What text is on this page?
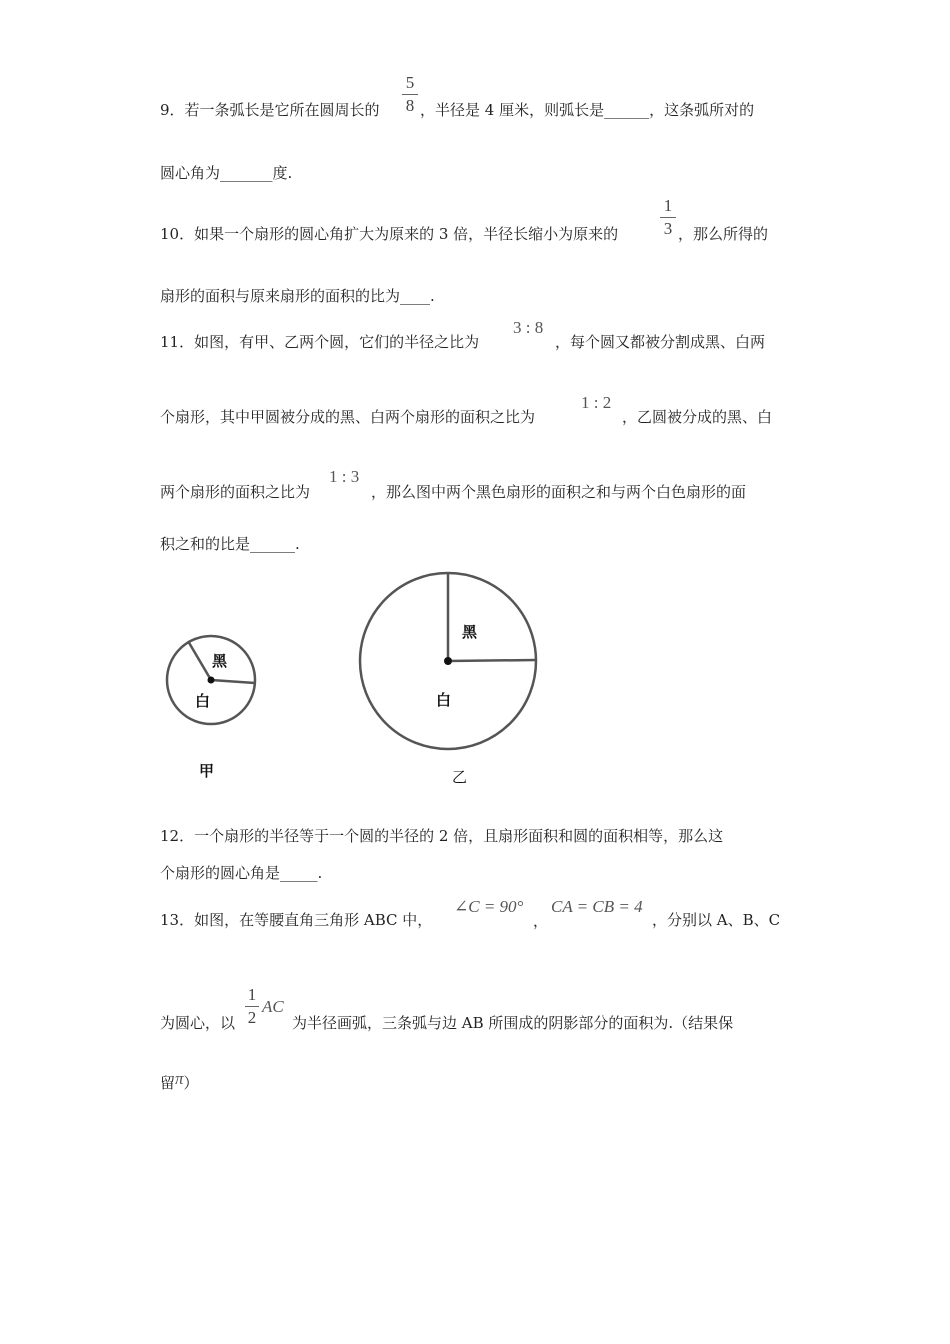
9．若一条弧长是它所在圆周长的
5
8 ，半径是 4 厘米，则弧长是______，这条弧所对的
圆心角为_______度.
10．如果一个扇形的圆心角扩大为原来的 3 倍，半径长缩小为原来的
1
3 ，那么所得的
扇形的面积与原来扇形的面积的比为____.
11．如图，有甲、乙两个圆，它们的半径之比为
3 : 8
，每个圆又都被分割成黑、白两
个扇形，其中甲圆被分成的黑、白两个扇形的面积之比为
1 : 2
，乙圆被分成的黑、白
两个扇形的面积之比为
1 : 3
，那么图中两个黑色扇形的面积之和与两个白色扇形的面
积之和的比是______.
黑
白
甲
黑
白
乙
12．一个扇形的半径等于一个圆的半径的 2 倍，且扇形面积和圆的面积相等，那么这
个扇形的圆心角是_____.
13．如图，在等腰直角三角形 ABC 中，
∠C = 90°
，
CA = CB = 4
，分别以 A、B、C
为圆心，以
1
2
AC
为半径画弧，三条弧与边 AB 所围成的阴影部分的面积为.（结果保
留π）
